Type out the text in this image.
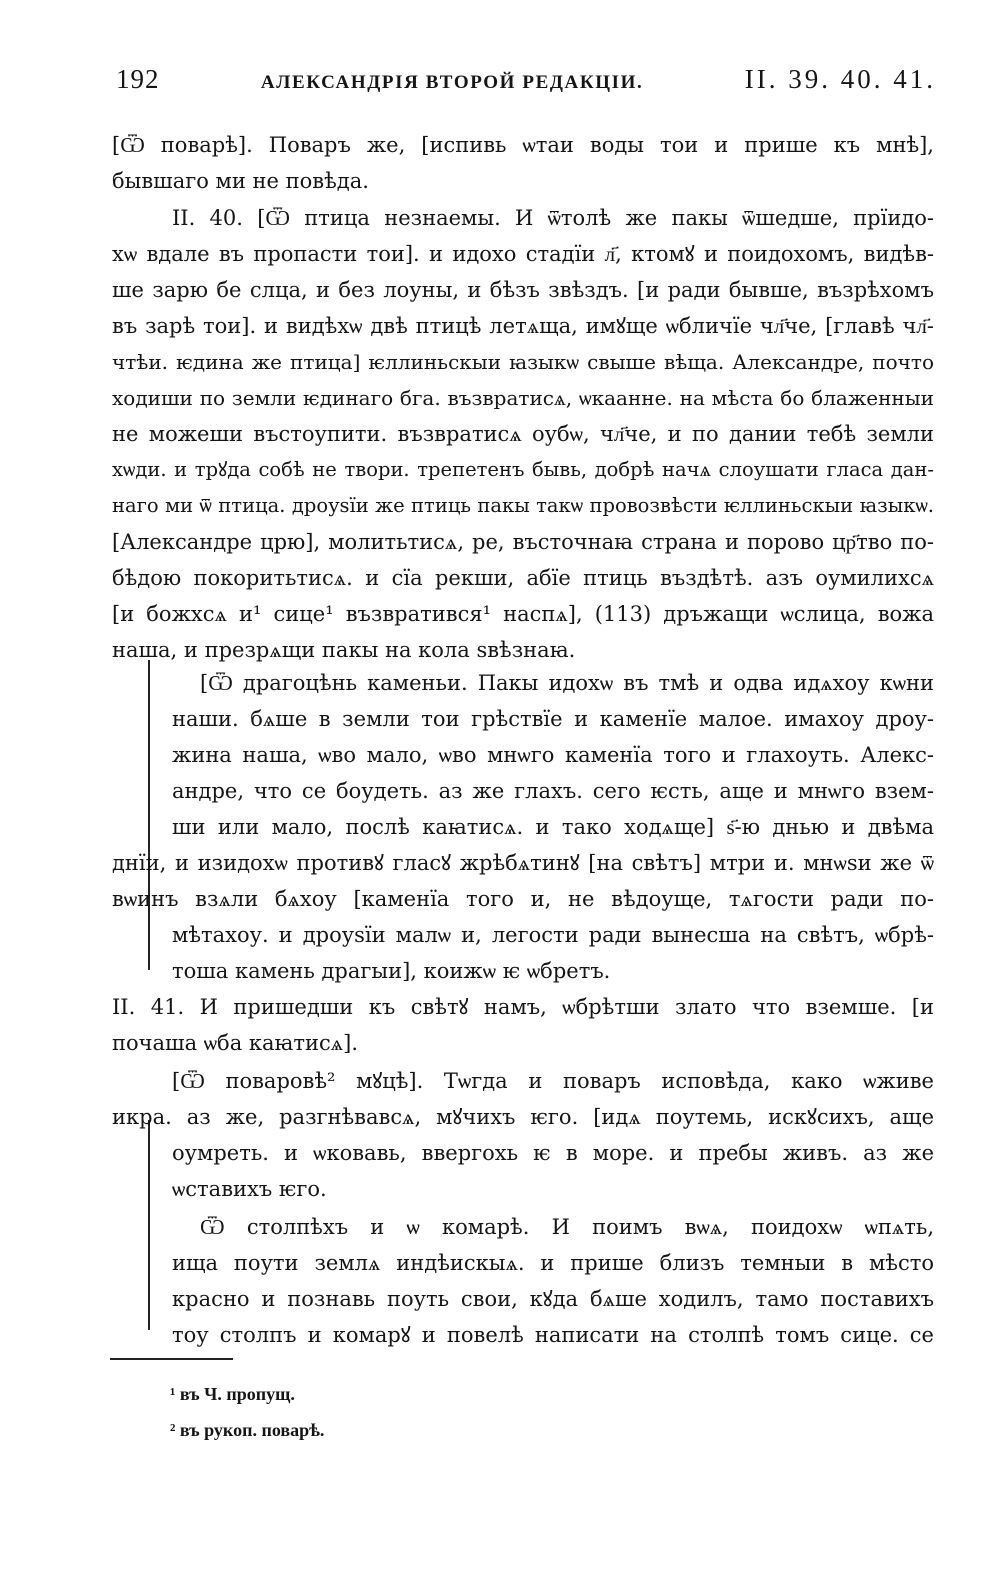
192	АЛЕКСАНДРІЯ ВТОРОЙ РЕДАКЦІИ.	II. 39. 40. 41.
[Ѿ поварѣ]. Поваръ же, [испивь ѡтаи воды тои и прише къ мнѣ],
бывшаго ми не повѣда.
II. 40. [Ѿ птица незнаемы. И ѿтолѣ же пакы ѿшедше, прїидо-
хѡ вдале въ пропасти тои]. и идохо стадїи л҃, ктомꙋ и поидохомъ, видѣв-
ше зарю бе слца, и без лоуны, и бѣзъ звѣздъ. [и ради бывше, възрѣхомъ
въ зарѣ тои]. и видѣхѡ двѣ птицѣ летѧща, имꙋще ѡбличїе чл҃че, [главѣ чл҃-
чтѣи. ѥдина же птица] ѥллиньскыи ꙗзыкѡ свыше вѣща. Александре, почто
ходиши по земли ѥдинаго бга. възвратисѧ, ѡкаанне. на мѣста бо блаженныи
не можеши въстоупити. възвратисѧ оубѡ, чл҃че, и по дании тебѣ земли
хѡди. и трꙋда собѣ не твори. трепетенъ бывь, добрѣ начѧ слоушати гласа дан-
наго ми ѿ птица. дроуѕїи же птиць пакы такѡ провозвѣсти ѥллиньскыи ꙗзыкѡ.
[Александре црю], молитьтисѧ, ре, въсточнаꙗ страна и порово цр҃тво по-
бѣдою покоритьтисѧ. и сїа рекши, абїе птиць въздѣтѣ. азъ оумилихсѧ
[и божхсѧ и¹ сице¹ възвратився¹ наспѧ], (113) дръжащи ѡслица, вожа
наша, и презрѧщи пакы на кола ѕвѣзнаꙗ.
[Ѿ драгоцѣнь каменьи. Пакы идохѡ въ тмѣ и одва идѧхоу кѡни
наши. бѧше в земли тои грѣствїе и каменїе малое. имахоу дроу-
жина наша, ѡво мало, ѡво мнѡго каменїа того и глахоуть. Алекс-
андре, что се боудеть. аз же глахъ. сего ѥсть, аще и мнѡго взем-
ши или мало, послѣ каꙗтисѧ. и тако ходѧще] ѕ҃-ю днью и двѣма
днїи, и изидохѡ противꙋ гласꙋ жрѣбѧтинꙋ [на свѣтъ] мтри и. мнѡѕи же ѿ
вѡинъ взѧли бѧхоу [каменїа того и, не вѣдоуще, тѧгости ради по-
мѣтахоу. и дроуѕїи малѡ и, легости ради вынесша на свѣтъ, ѡбрѣ-
тоша камень драгыи], коижѡ ѥ ѡбретъ.
II. 41. И пришедши къ свѣтꙋ намъ, ѡбрѣтши злато что вземше. [и
почаша ѡба каꙗтисѧ].
[Ѿ поваровѣ² мꙋцѣ]. Тѡгда и поваръ исповѣда, како ѡживе
икра. аз же, разгнѣвавсѧ, мꙋчихъ ѥго. [идѧ поутемь, искꙋсихъ, аще
оумреть. и ѡковавь, ввергохь ѥ в море. и пребы живъ. аз же
ѡставихъ ѥго.
Ѿ столпѣхъ и ѡ комарѣ. И поимъ вѡѧ, поидохѡ ѡпѧть,
ища поути землѧ индѣискыѧ. и прише близъ темныи в мѣсто
красно и познавь поуть свои, кꙋда бѧше ходилъ, тамо поставихъ
тоу столпъ и комарꙋ и повелѣ написати на столпѣ томъ сице. се
¹ въ Ч. пропущ.
² въ рукоп. поварѣ.
